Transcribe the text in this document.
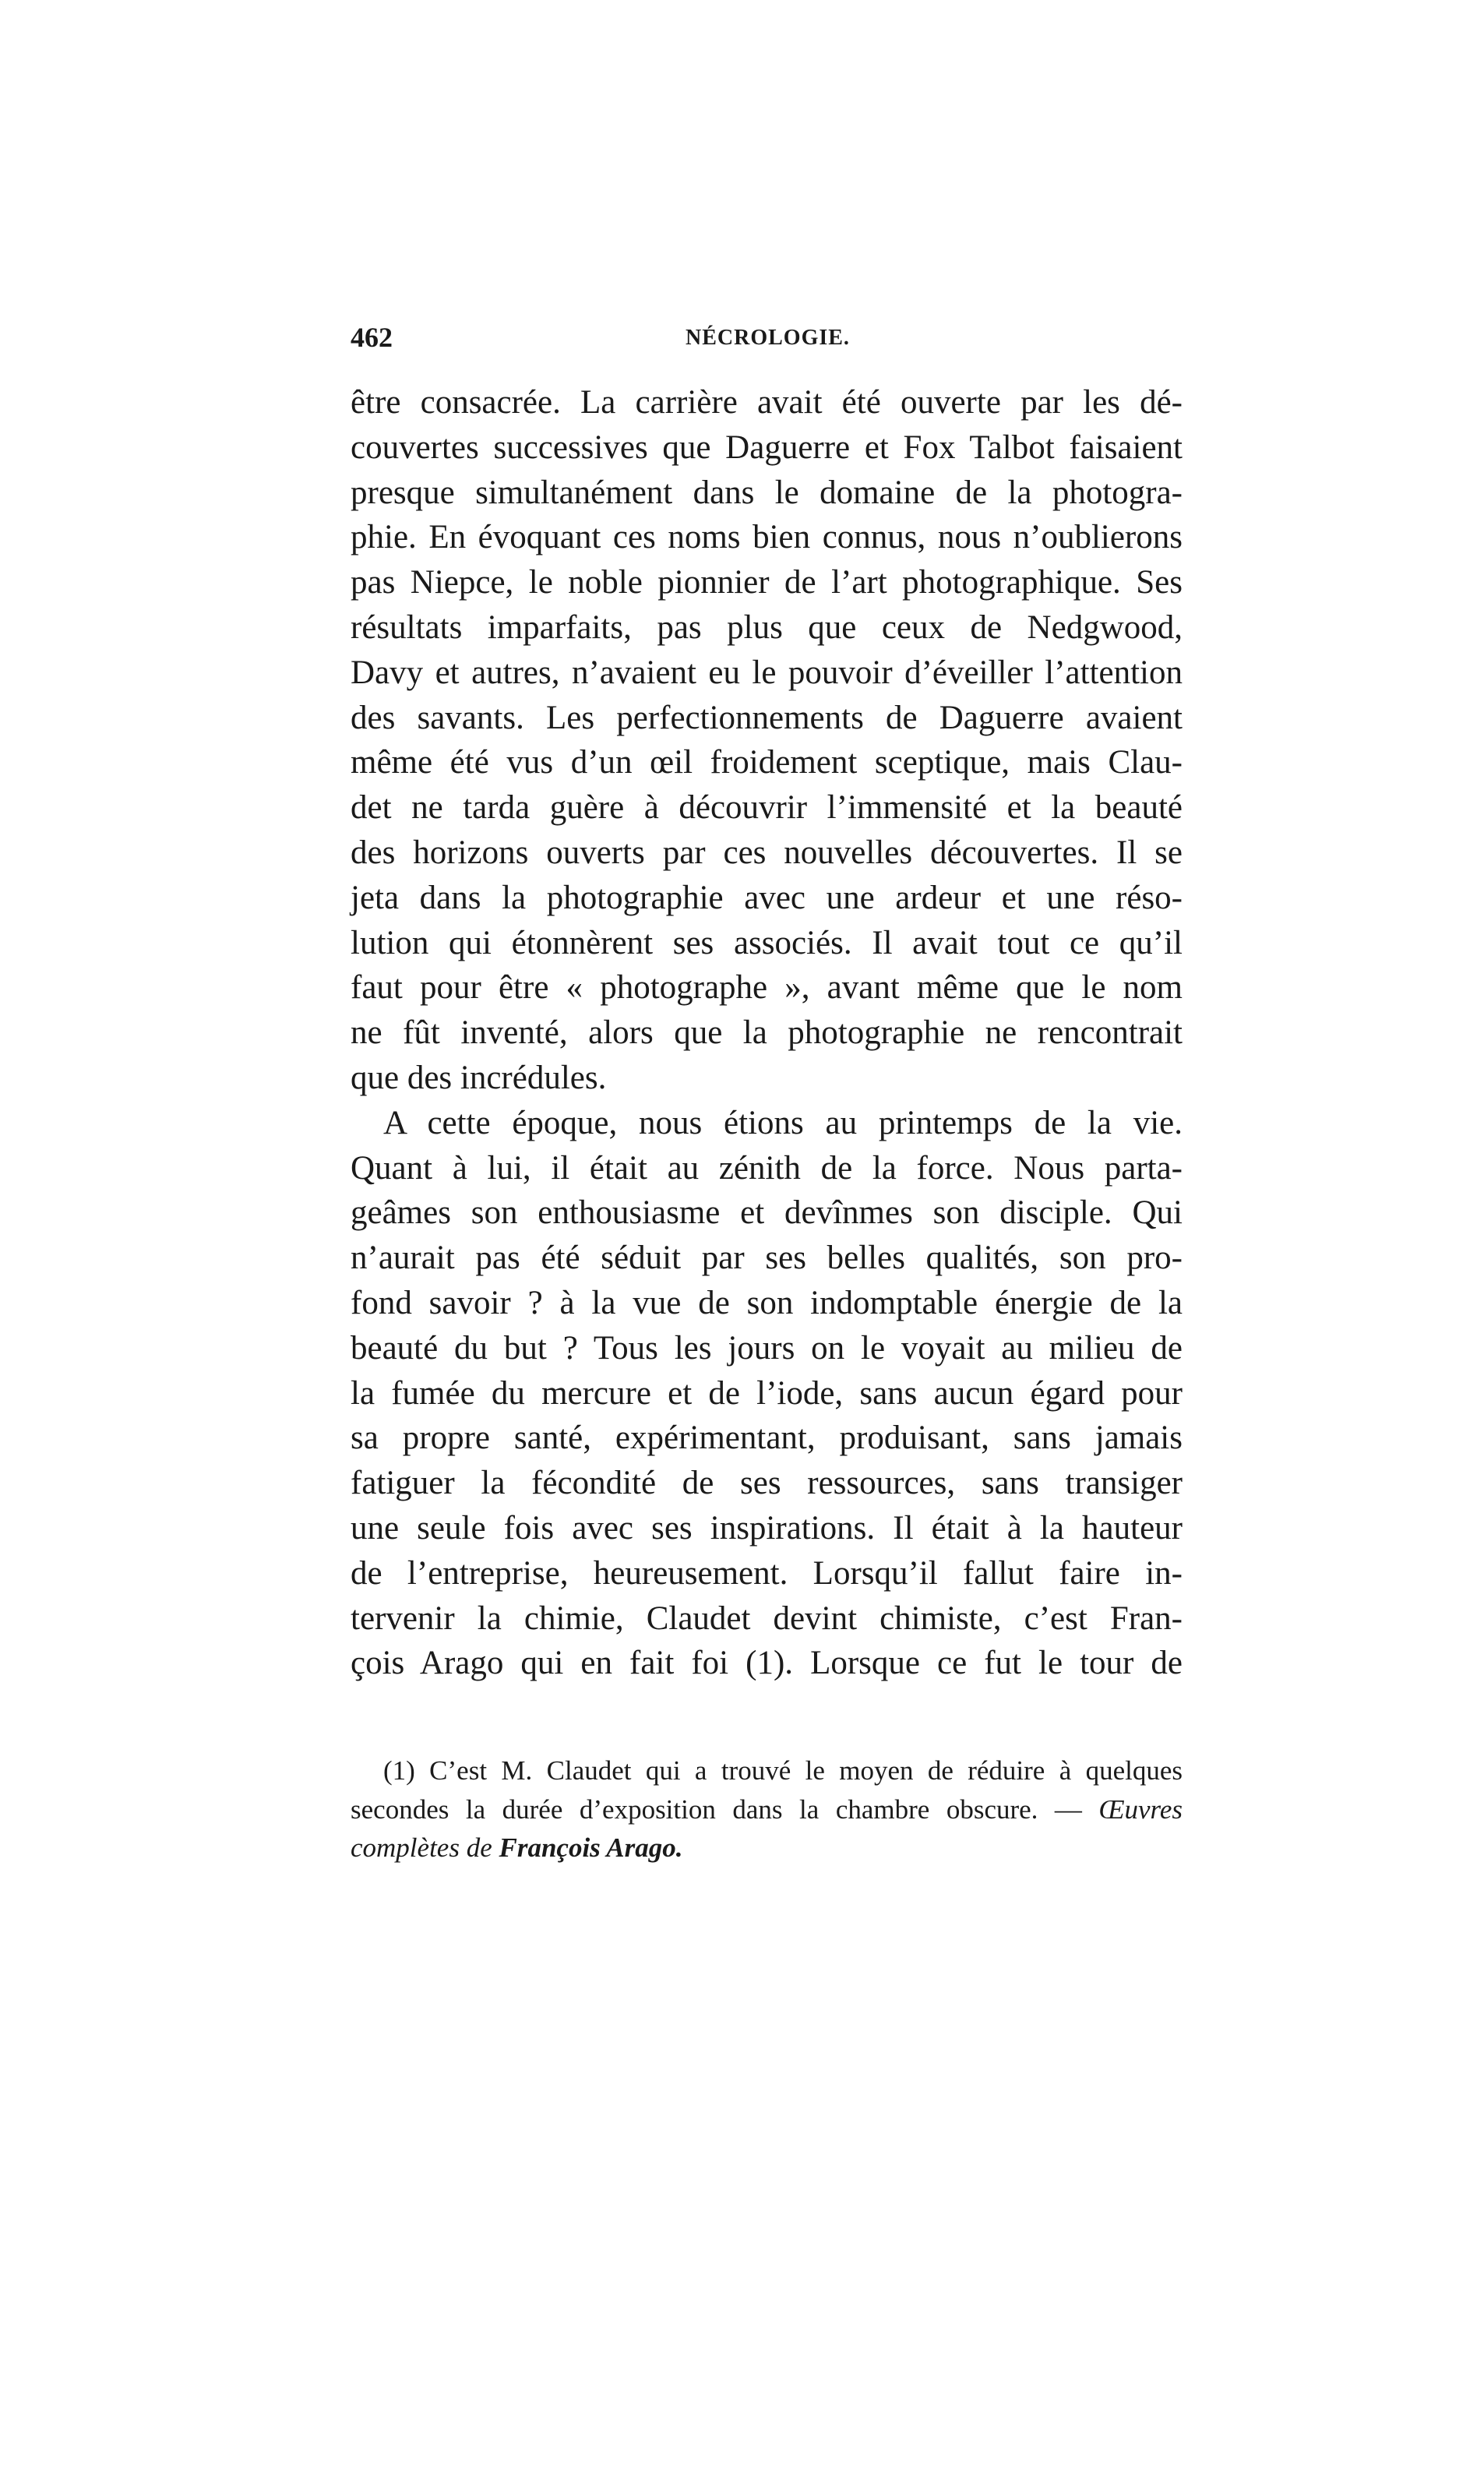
462	NÉCROLOGIE.
être consacrée. La carrière avait été ouverte par les dé-
couvertes successives que Daguerre et Fox Talbot faisaient
presque simultanément dans le domaine de la photogra-
phie. En évoquant ces noms bien connus, nous n’oublierons
pas Niepce, le noble pionnier de l’art photographique. Ses
résultats imparfaits, pas plus que ceux de Nedgwood,
Davy et autres, n’avaient eu le pouvoir d’éveiller l’attention
des savants. Les perfectionnements de Daguerre avaient
même été vus d’un œil froidement sceptique, mais Clau-
det ne tarda guère à découvrir l’immensité et la beauté
des horizons ouverts par ces nouvelles découvertes. Il se
jeta dans la photographie avec une ardeur et une réso-
lution qui étonnèrent ses associés. Il avait tout ce qu’il
faut pour être « photographe », avant même que le nom
ne fût inventé, alors que la photographie ne rencontrait
que des incrédules.
A cette époque, nous étions au printemps de la vie.
Quant à lui, il était au zénith de la force. Nous parta-
geâmes son enthousiasme et devînmes son disciple. Qui
n’aurait pas été séduit par ses belles qualités, son pro-
fond savoir ? à la vue de son indomptable énergie de la
beauté du but ? Tous les jours on le voyait au milieu de
la fumée du mercure et de l’iode, sans aucun égard pour
sa propre santé, expérimentant, produisant, sans jamais
fatiguer la fécondité de ses ressources, sans transiger
une seule fois avec ses inspirations. Il était à la hauteur
de l’entreprise, heureusement. Lorsqu’il fallut faire in-
tervenir la chimie, Claudet devint chimiste, c’est Fran-
çois Arago qui en fait foi (1). Lorsque ce fut le tour de
(1) C’est M. Claudet qui a trouvé le moyen de réduire à quelques
secondes la durée d’exposition dans la chambre obscure. — Œuvres
complètes de François Arago.
